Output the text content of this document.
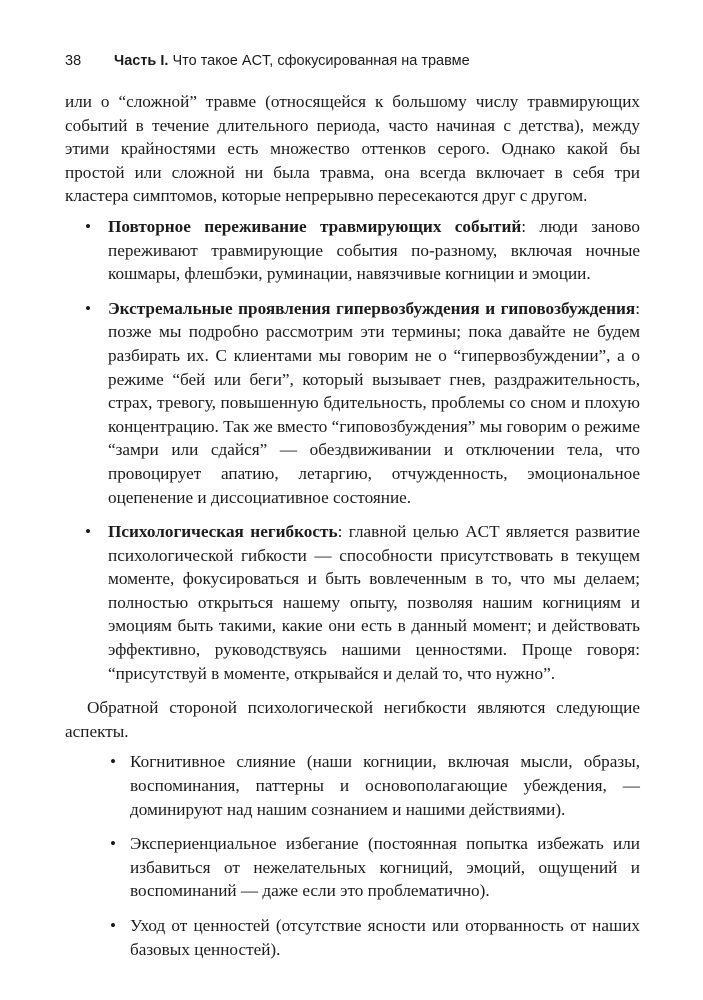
38 Часть I. Что такое ACT, сфокусированная на травме

или о “сложной” травме (относящейся к большому числу травмирующих событий в течение длительного периода, часто начиная с детства), между этими крайностями есть множество оттенков серого. Однако какой бы простой или сложной ни была травма, она всегда включает в себя три кластера симптомов, которые непрерывно пересекаются друг с другом.

• Повторное переживание травмирующих событий: люди заново переживают травмирующие события по-разному, включая ночные кошмары, флешбэки, руминации, навязчивые когниции и эмоции.
• Экстремальные проявления гипервозбуждения и гиповозбуждения: позже мы подробно рассмотрим эти термины; пока давайте не будем разбирать их. С клиентами мы говорим не о “гипервозбуждении”, а о режиме “бей или беги”, который вызывает гнев, раздражительность, страх, тревогу, повышенную бдительность, проблемы со сном и плохую концентрацию. Так же вместо “гиповозбуждения” мы говорим о режиме “замри или сдайся” — обездвиживании и отключении тела, что провоцирует апатию, летаргию, отчужденность, эмоциональное оцепенение и диссоциативное состояние.
• Психологическая негибкость: главной целью ACT является развитие психологической гибкости — способности присутствовать в текущем моменте, фокусироваться и быть вовлеченным в то, что мы делаем; полностью открыться нашему опыту, позволяя нашим когнициям и эмоциям быть такими, какие они есть в данный момент; и действовать эффективно, руководствуясь нашими ценностями. Проще говоря: “присутствуй в моменте, открывайся и делай то, что нужно”.

Обратной стороной психологической негибкости являются следующие аспекты.

• Когнитивное слияние (наши когниции, включая мысли, образы, воспоминания, паттерны и основополагающие убеждения, — доминируют над нашим сознанием и нашими действиями).
• Экспериенциальное избегание (постоянная попытка избежать или избавиться от нежелательных когниций, эмоций, ощущений и воспоминаний — даже если это проблематично).
• Уход от ценностей (отсутствие ясности или оторванность от наших базовых ценностей).
